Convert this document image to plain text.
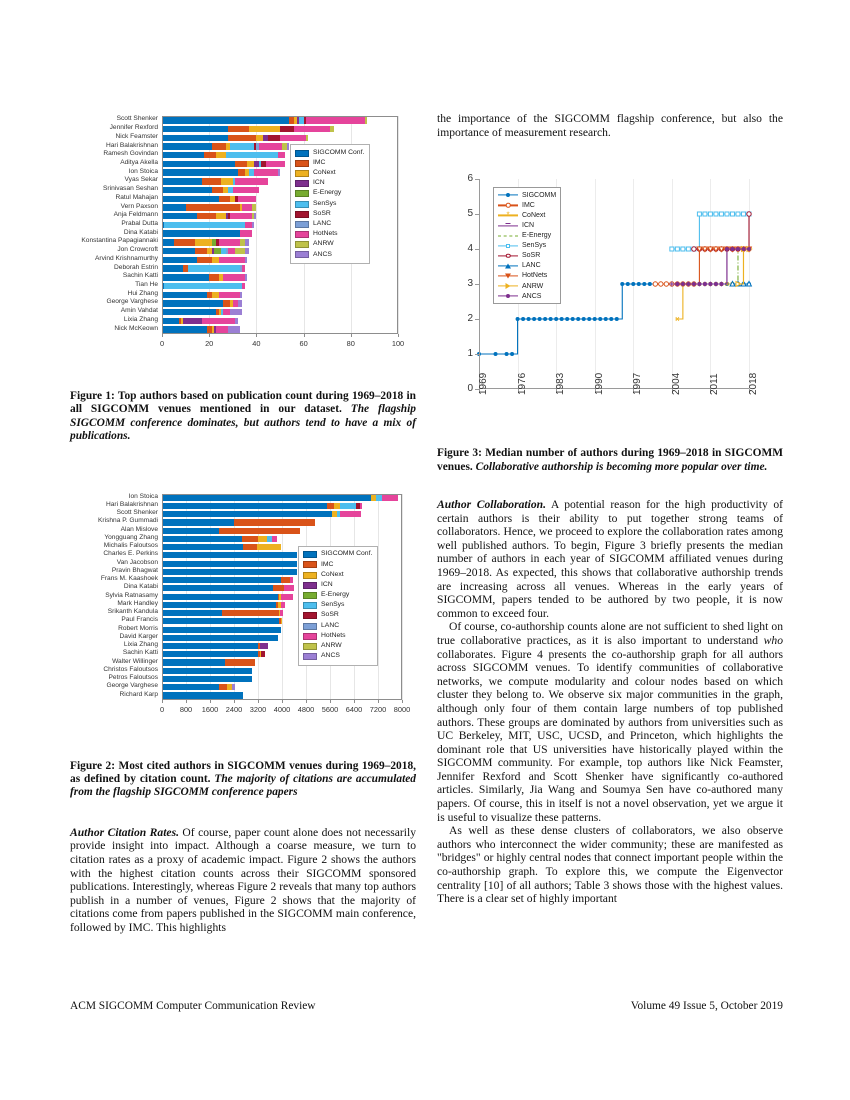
Scott Shenker
Jennifer Rexford
Nick Feamster
Hari Balakrishnan
Ramesh Govindan
Aditya Akella
Ion Stoica
Vyas Sekar
Srinivasan Seshan
Ratul Mahajan
Vern Paxson
Anja Feldmann
Prabal Dutta
Dina Katabi
Konstantina Papagiannaki
Jon Crowcroft
Arvind Krishnamurthy
Deborah Estrin
Sachin Katti
Tian He
Hui Zhang
George Varghese
Amin Vahdat
Lixia Zhang
Nick McKeown
SIGCOMM Conf.
IMC
CoNext
ICN
E-Energy
SenSys
SoSR
LANC
HotNets
ANRW
ANCS
0	20	40	60	80	100
Figure 1: Top authors based on publication count during 1969–2018 in all SIGCOMM venues mentioned in our dataset. The flagship SIGCOMM conference dominates, but authors tend to have a mix of publications.
Ion Stoica
Hari Balakrishnan
Scott Shenker
Krishna P. Gummadi
Alan Mislove
Yongguang Zhang
Michalis Faloutsos
Charles E. Perkins
Van Jacobson
Pravin Bhagwat
Frans M. Kaashoek
Dina Katabi
Sylvia Ratnasamy
Mark Handley
Srikanth Kandula
Paul Francis
Robert Morris
David Karger
Lixia Zhang
Sachin Katti
Walter Willinger
Christos Faloutsos
Petros Faloutsos
George Varghese
Richard Karp
SIGCOMM Conf.
IMC
CoNext
ICN
E-Energy
SenSys
SoSR
LANC
HotNets
ANRW
ANCS
0 800 1600 2400 3200 4000 4800 5600 6400 7200 8000
Figure 2: Most cited authors in SIGCOMM venues during 1969–2018, as defined by citation count. The majority of citations are accumulated from the flagship SIGCOMM conference papers

Author Citation Rates. Of course, paper count alone does not necessarily provide insight into impact. Although a coarse measure, we turn to citation rates as a proxy of academic impact. Figure 2 shows the authors with the highest citation counts across their SIGCOMM sponsored publications. Interestingly, whereas Figure 2 reveals that many top authors publish in a number of venues, Figure 2 shows that the majority of citations come from papers published in the SIGCOMM main conference, followed by IMC. This highlights

the importance of the SIGCOMM flagship conference, but also the importance of measurement research.

SIGCOMM
IMC
* CoNext
ICN
E-Energy
SenSys
SoSR
LANC
HotNets
ANRW
ANCS
0
1
2
3
4
5
6
1969	1976	1983	1990	1997	2004	2011	2018
Figure 3: Median number of authors during 1969–2018 in SIGCOMM venues. Collaborative authorship is becoming more popular over time.

Author Collaboration. A potential reason for the high productivity of certain authors is their ability to put together strong teams of collaborators. Hence, we proceed to explore the collaboration rates among well published authors. To begin, Figure 3 briefly presents the median number of authors in each year of SIGCOMM affiliated venues during 1969–2018. As expected, this shows that collaborative authorship trends are increasing across all venues. Whereas in the early years of SIGCOMM, papers tended to be authored by two people, it is now common to exceed four.

Of course, co-authorship counts alone are not sufficient to shed light on true collaborative practices, as it is also important to understand who collaborates. Figure 4 presents the co-authorship graph for all authors across SIGCOMM venues. To identify communities of collaborative networks, we compute modularity and colour nodes based on which cluster they belong to. We observe six major communities in the graph, although only four of them contain large numbers of top published authors. These groups are dominated by authors from universities such as UC Berkeley, MIT, USC, UCSD, and Princeton, which highlights the dominant role that US universities have historically played within the SIGCOMM community. For example, top authors like Nick Feamster, Jennifer Rexford and Scott Shenker have significantly co-authored articles. Similarly, Jia Wang and Soumya Sen have co-authored many papers. Of course, this in itself is not a novel observation, yet we argue it is useful to visualize these patterns.

As well as these dense clusters of collaborators, we also observe authors who interconnect the wider community; these are manifested as "bridges" or highly central nodes that connect important people within the co-authorship graph. To explore this, we compute the Eigenvector centrality [10] of all authors; Table 3 shows those with the highest values. There is a clear set of highly important

ACM SIGCOMM Computer Communication Review	Volume 49 Issue 5, October 2019
